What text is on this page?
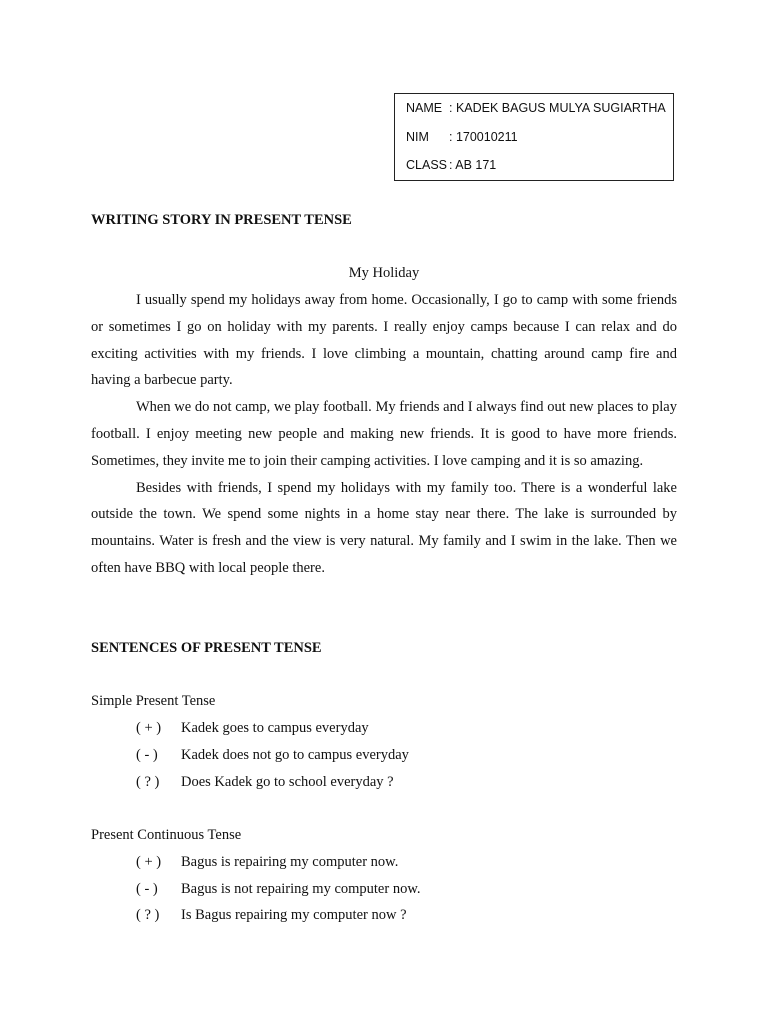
NAME : KADEK BAGUS MULYA SUGIARTHA
NIM	: 170010211
CLASS : AB 171
WRITING STORY IN PRESENT TENSE
My Holiday

I usually spend my holidays away from home. Occasionally, I go to camp with some friends or sometimes I go on holiday with my parents. I really enjoy camps because I can relax and do exciting activities with my friends. I love climbing a mountain, chatting around camp fire and having a barbecue party.

When we do not camp, we play football. My friends and I always find out new places to play football. I enjoy meeting new people and making new friends. It is good to have more friends. Sometimes, they invite me to join their camping activities. I love camping and it is so amazing.

Besides with friends, I spend my holidays with my family too. There is a wonderful lake outside the town. We spend some nights in a home stay near there. The lake is surrounded by mountains. Water is fresh and the view is very natural. My family and I swim in the lake. Then we often have BBQ with local people there.

SENTENCES OF PRESENT TENSE
Simple Present Tense
( + )	Kadek goes to campus everyday
( - )	Kadek does not go to campus everyday
( ? )	Does Kadek go to school everyday ?
Present Continuous Tense
( + )	Bagus is repairing my computer now.
( - )	Bagus is not repairing my computer now.
( ? )	Is Bagus repairing my computer now ?
